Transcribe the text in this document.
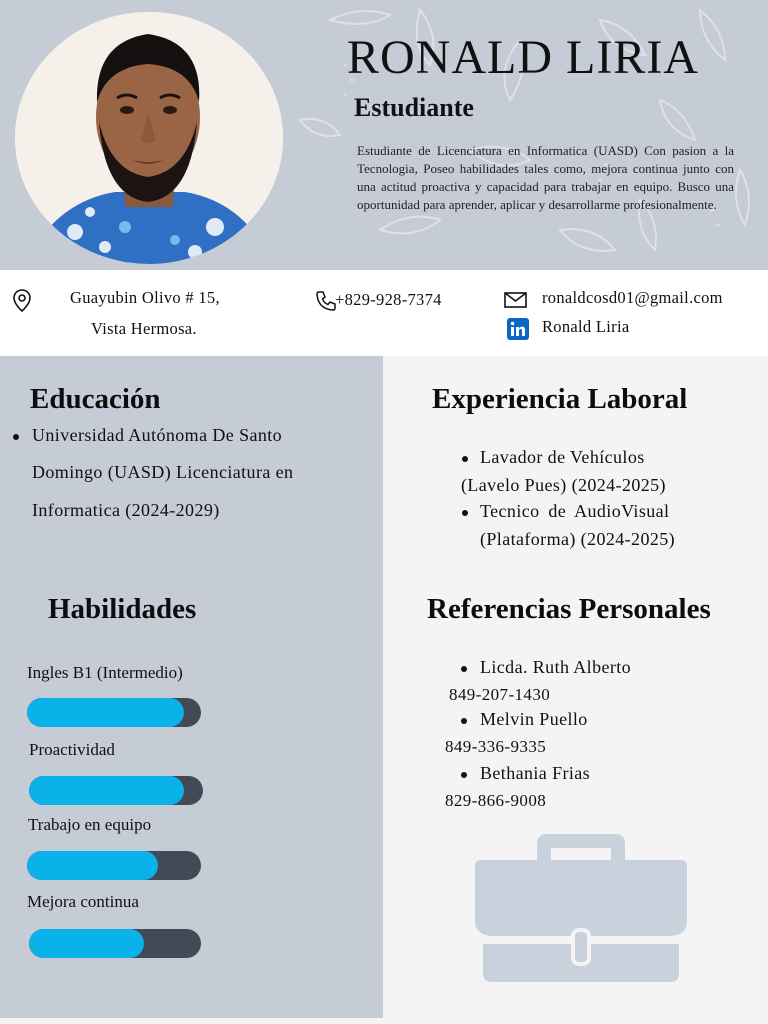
RONALD LIRIA
Estudiante
Estudiante de Licenciatura en Informatica (UASD) Con pasion a la Tecnologia, Poseo habilidades tales como, mejora continua junto con una actitud proactiva y capacidad para trabajar en equipo. Busco una oportunidad para aprender, aplicar y desarrollarme profesionalmente.
Guayubin Olivo # 15,
Vista Hermosa.
+829-928-7374	ronaldcosd01@gmail.com
Ronald Liria
Educación
Universidad Autónoma De Santo
Domingo (UASD) Licenciatura en
Informatica (2024-2029)
Habilidades
Ingles B1 (Intermedio)
Proactividad
Trabajo en equipo
Mejora continua
Experiencia Laboral
Lavador de Vehículos
(Lavelo Pues) (2024-2025)
Tecnico de AudioVisual
(Plataforma) (2024-2025)
Referencias Personales
Licda. Ruth Alberto
849-207-1430
Melvin Puello
849-336-9335
Bethania Frias
829-866-9008
